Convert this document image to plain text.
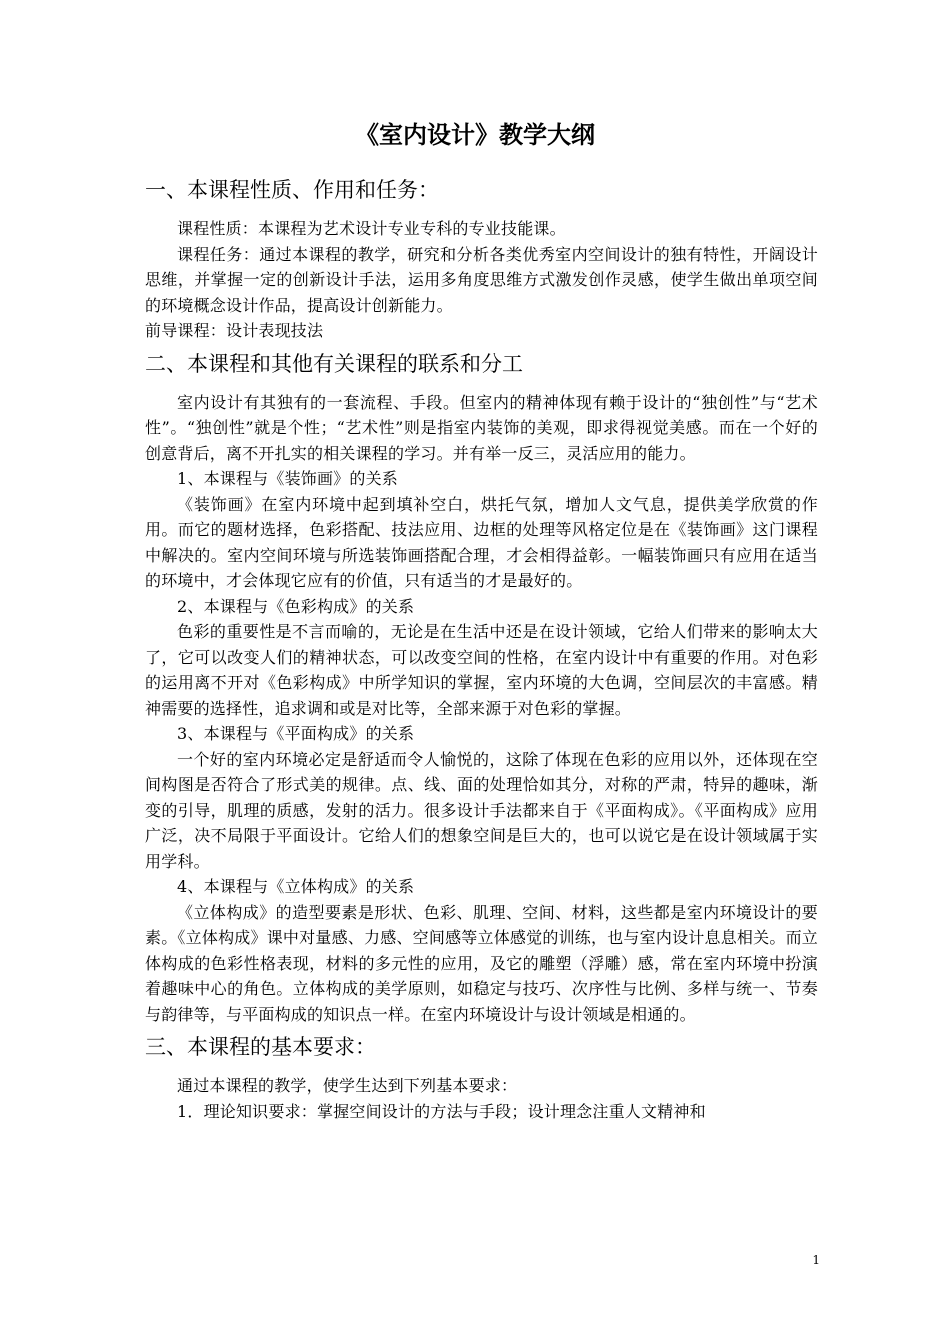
《室内设计》教学大纲
一、本课程性质、作用和任务：

课程性质：本课程为艺术设计专业专科的专业技能课。

课程任务：通过本课程的教学，研究和分析各类优秀室内空间设计的独有特性，开阔设计思维，并掌握一定的创新设计手法，运用多角度思维方式激发创作灵感，使学生做出单项空间的环境概念设计作品，提高设计创新能力。

前导课程：设计表现技法

二、本课程和其他有关课程的联系和分工

室内设计有其独有的一套流程、手段。但室内的精神体现有赖于设计的“独创性”与“艺术性”。“独创性”就是个性；“艺术性”则是指室内装饰的美观，即求得视觉美感。而在一个好的创意背后，离不开扎实的相关课程的学习。并有举一反三，灵活应用的能力。

1、本课程与《装饰画》的关系

《装饰画》在室内环境中起到填补空白，烘托气氛，增加人文气息，提供美学欣赏的作用。而它的题材选择，色彩搭配、技法应用、边框的处理等风格定位是在《装饰画》这门课程中解决的。室内空间环境与所选装饰画搭配合理，才会相得益彰。一幅装饰画只有应用在适当的环境中，才会体现它应有的价值，只有适当的才是最好的。

2、本课程与《色彩构成》的关系

色彩的重要性是不言而喻的，无论是在生活中还是在设计领域，它给人们带来的影响太大了，它可以改变人们的精神状态，可以改变空间的性格，在室内设计中有重要的作用。对色彩的运用离不开对《色彩构成》中所学知识的掌握，室内环境的大色调，空间层次的丰富感。精神需要的选择性，追求调和或是对比等，全部来源于对色彩的掌握。

3、本课程与《平面构成》的关系

一个好的室内环境必定是舒适而令人愉悦的，这除了体现在色彩的应用以外，还体现在空间构图是否符合了形式美的规律。点、线、面的处理恰如其分，对称的严肃，特异的趣味，渐变的引导，肌理的质感，发射的活力。很多设计手法都来自于《平面构成》。《平面构成》应用广泛，决不局限于平面设计。它给人们的想象空间是巨大的，也可以说它是在设计领域属于实用学科。

4、本课程与《立体构成》的关系

《立体构成》的造型要素是形状、色彩、肌理、空间、材料，这些都是室内环境设计的要素。《立体构成》课中对量感、力感、空间感等立体感觉的训练，也与室内设计息息相关。而立体构成的色彩性格表现，材料的多元性的应用，及它的雕塑（浮雕）感，常在室内环境中扮演着趣味中心的角色。立体构成的美学原则，如稳定与技巧、次序性与比例、多样与统一、节奏与韵律等，与平面构成的知识点一样。在室内环境设计与设计领域是相通的。

三、本课程的基本要求：

通过本课程的教学，使学生达到下列基本要求：

1．理论知识要求：掌握空间设计的方法与手段；设计理念注重人文精神和

1
